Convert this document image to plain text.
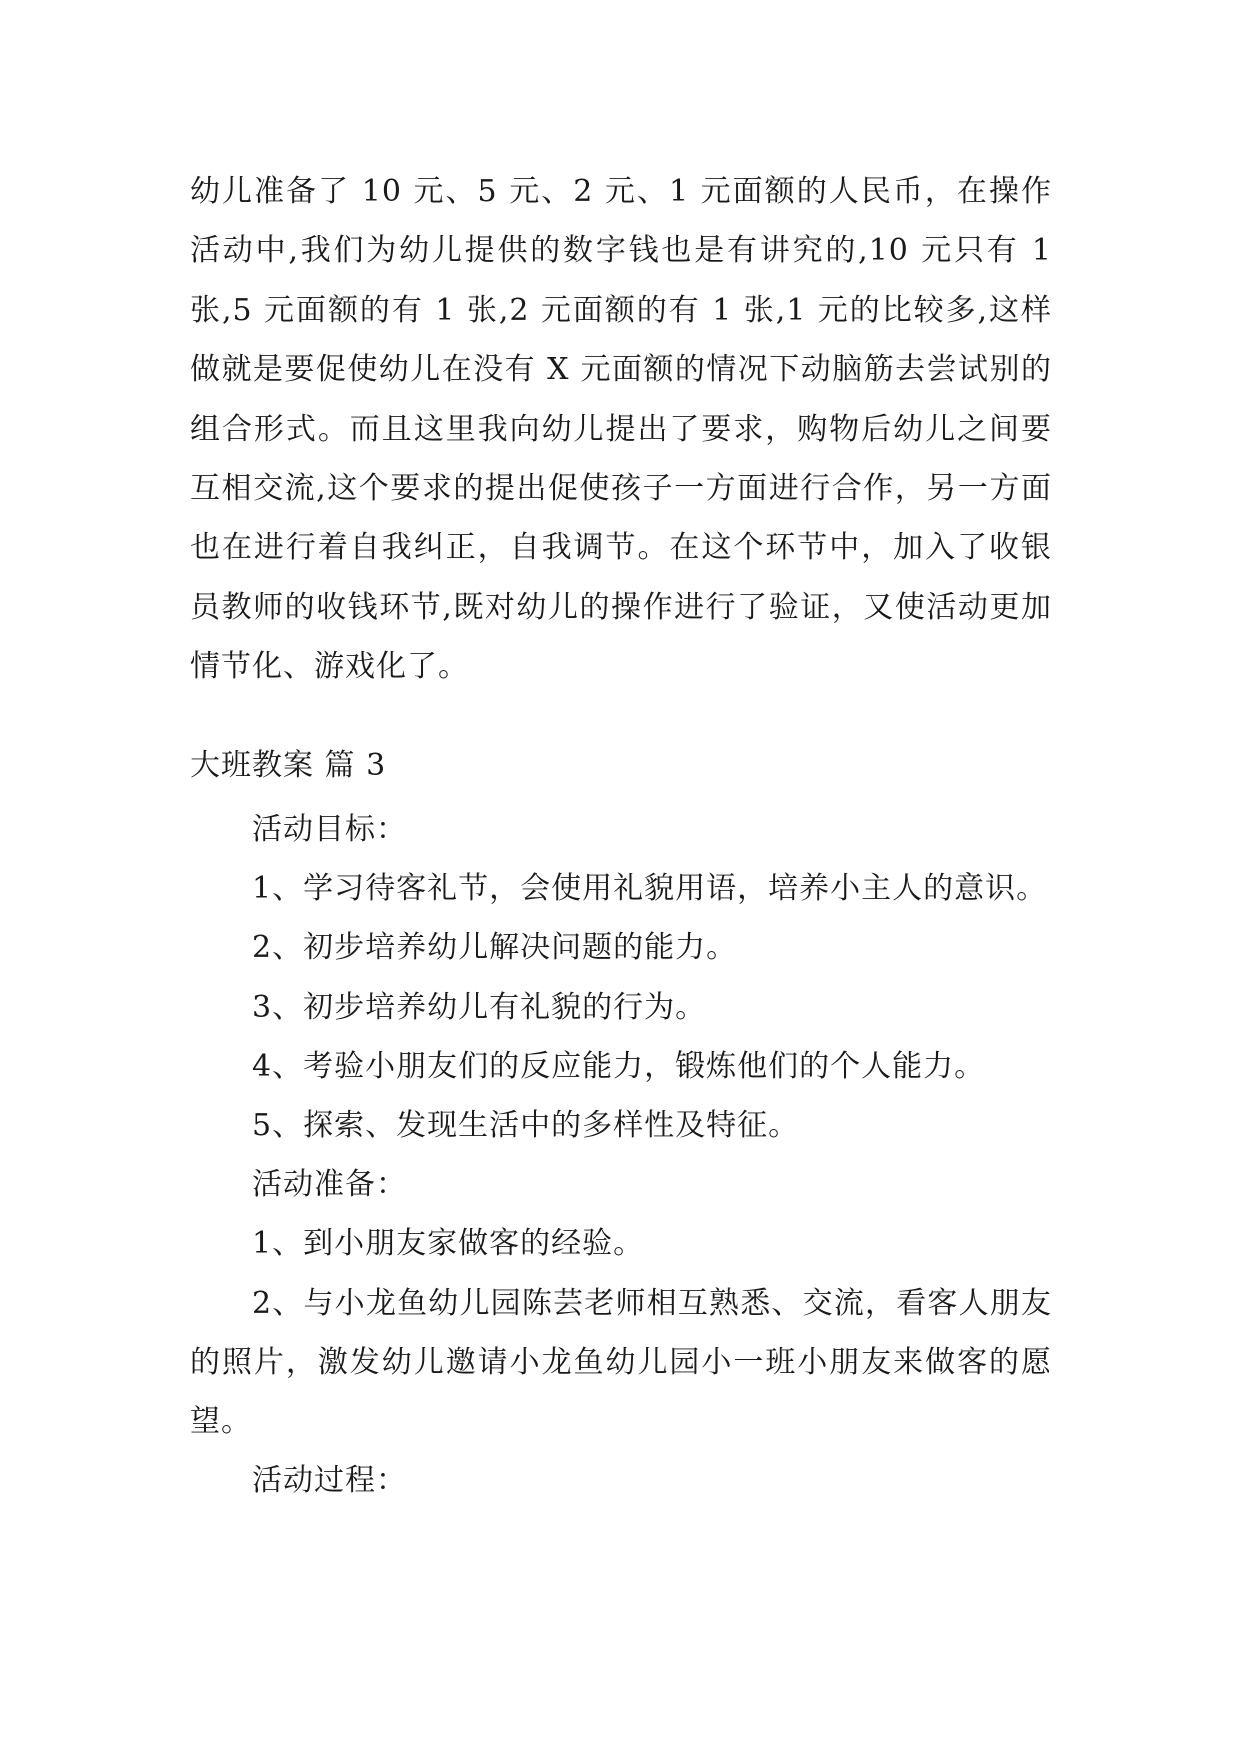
幼儿准备了 10 元、5 元、2 元、1 元面额的人民币，在操作活动中,我们为幼儿提供的数字钱也是有讲究的,10 元只有 1 张,5 元面额的有 1 张,2 元面额的有 1 张,1 元的比较多,这样做就是要促使幼儿在没有 X 元面额的情况下动脑筋去尝试别的组合形式。而且这里我向幼儿提出了要求，购物后幼儿之间要互相交流,这个要求的提出促使孩子一方面进行合作，另一方面也在进行着自我纠正，自我调节。在这个环节中，加入了收银员教师的收钱环节,既对幼儿的操作进行了验证，又使活动更加情节化、游戏化了。

大班教案 篇 3

活动目标：

1、学习待客礼节，会使用礼貌用语，培养小主人的意识。

2、初步培养幼儿解决问题的能力。

3、初步培养幼儿有礼貌的行为。

4、考验小朋友们的反应能力，锻炼他们的个人能力。

5、探索、发现生活中的多样性及特征。

活动准备：

1、到小朋友家做客的经验。

2、与小龙鱼幼儿园陈芸老师相互熟悉、交流，看客人朋友的照片，激发幼儿邀请小龙鱼幼儿园小一班小朋友来做客的愿望。

活动过程：
